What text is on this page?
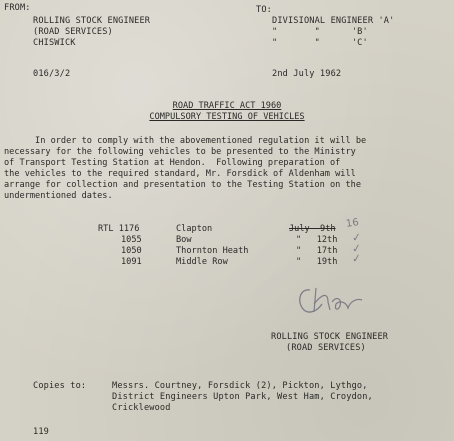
FROM:
ROLLING STOCK ENGINEER
(ROAD SERVICES)
CHISWICK
TO:
DIVISIONAL ENGINEER 'A'
"       "      'B'
"       "      'C'
016/3/2	2nd July 1962
ROAD TRAFFIC ACT 1960
COMPULSORY TESTING OF VEHICLES
In order to comply with the abovementioned regulation it will be
necessary for the following vehicles to be presented to the Ministry
of Transport Testing Station at Hendon.  Following preparation of
the vehicles to the required standard, Mr. Forsdick of Aldenham will
arrange for collection and presentation to the Testing Station on the
undermentioned dates.
RTL 1176	Clapton	July  9th 16
1055	Bow	"   12th ✓
1050	Thornton Heath	"   17th ✓
1091	Middle Row	"   19th ✓
ROLLING STOCK ENGINEER
(ROAD SERVICES)
Copies to:	Messrs. Courtney, Forsdick (2), Pickton, Lythgo,
District Engineers Upton Park, West Ham, Croydon,
Cricklewood
119
